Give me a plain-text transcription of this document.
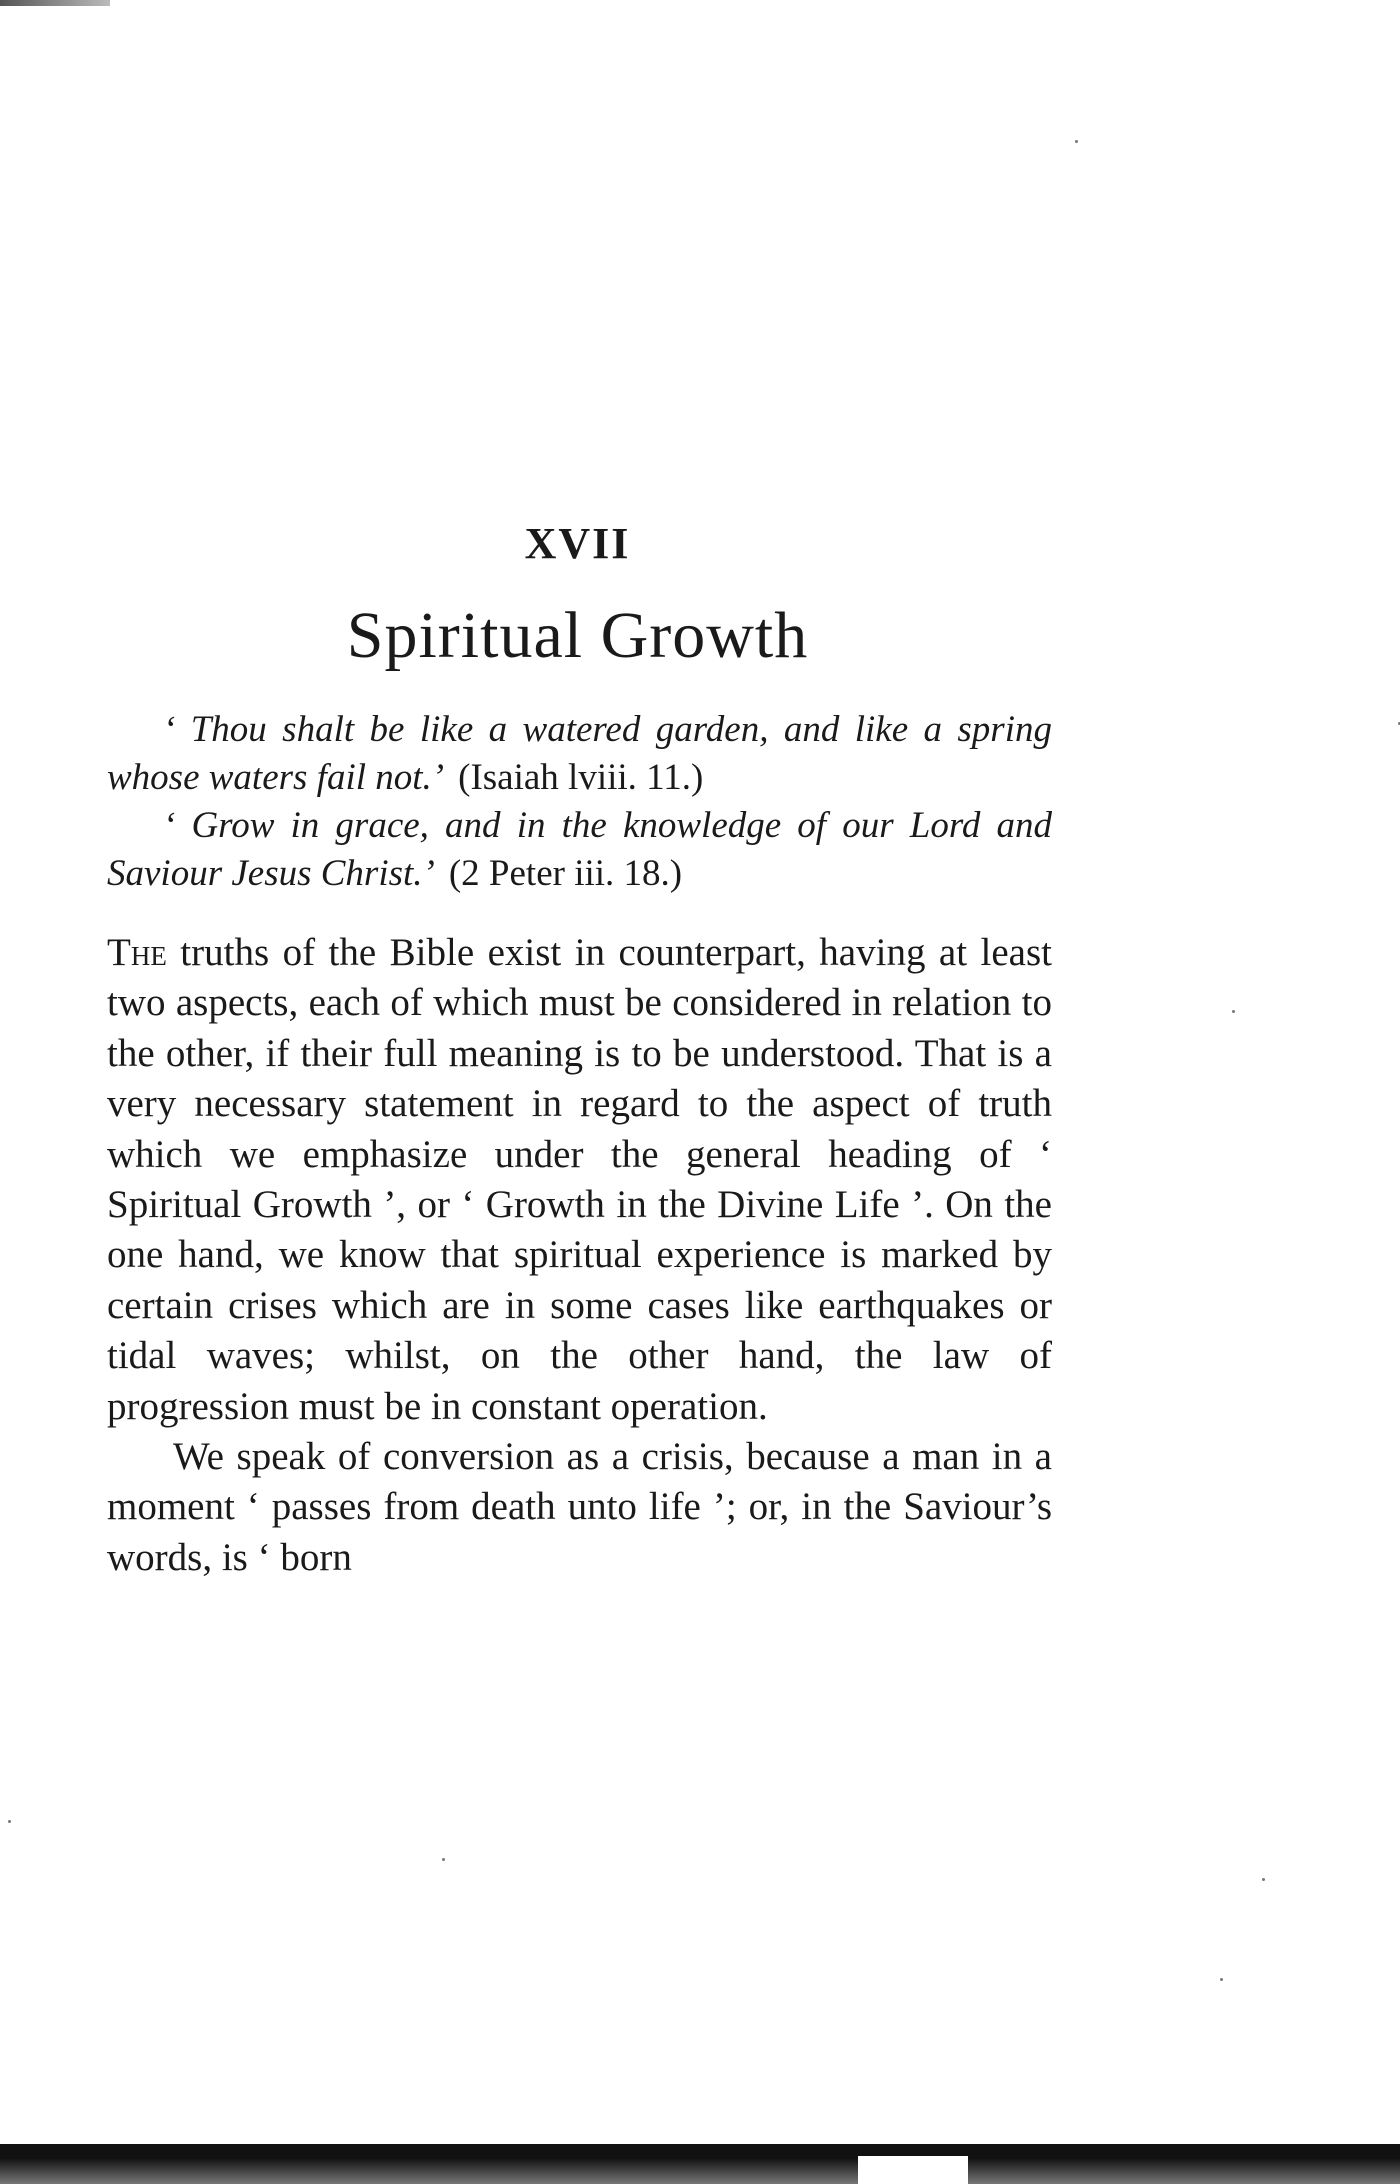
XVII
Spiritual Growth

‘ Thou shalt be like a watered garden, and like a spring whose waters fail not.’ (Isaiah lviii. 11.)

‘ Grow in grace, and in the knowledge of our Lord and Saviour Jesus Christ.’ (2 Peter iii. 18.)

The truths of the Bible exist in counterpart, having at least two aspects, each of which must be considered in relation to the other, if their full meaning is to be understood. That is a very necessary statement in regard to the aspect of truth which we emphasize under the general heading of ‘ Spiritual Growth ’, or ‘ Growth in the Divine Life ’. On the one hand, we know that spiritual experience is marked by certain crises which are in some cases like earthquakes or tidal waves; whilst, on the other hand, the law of progression must be in constant operation.

We speak of conversion as a crisis, because a man in a moment ‘ passes from death unto life ’; or, in the Saviour’s words, is ‘ born
